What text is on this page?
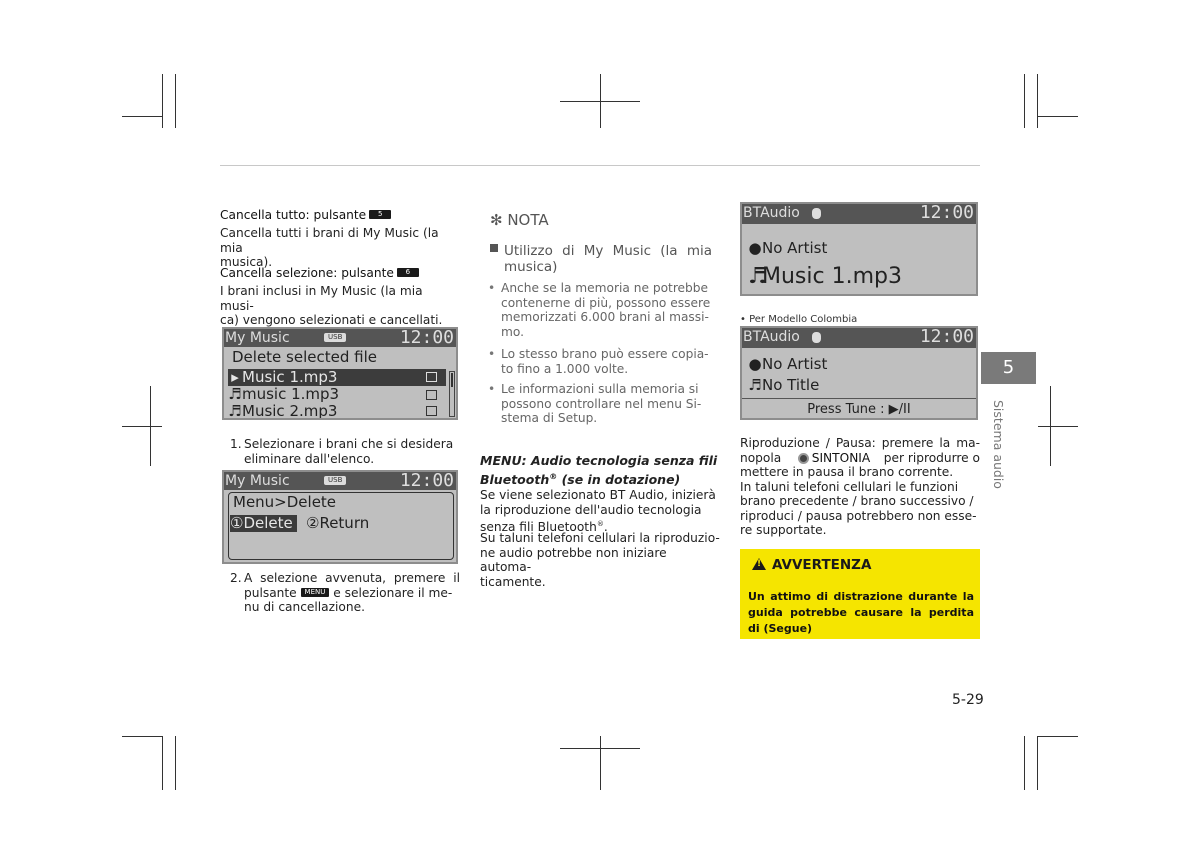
Cancella tutto: pulsante 5
Cancella tutti i brani di My Music (la mia
musica).
Cancella selezione: pulsante 6
I brani inclusi in My Music (la mia musi-
ca) vengono selezionati e cancellati.
My Music	USB	12:00
Delete selected file
▸ Music 1.mp3
♬music 1.mp3
♬Music 2.mp3
1. Selezionare i brani che si desidera
eliminare dall'elenco.
My Music	USB	12:00
Menu>Delete
①Delete ②Return
2. A selezione avvenuta, premere il
pulsante MENU e selezionare il me-
nu di cancellazione.
✻ NOTA
Utilizzo di My Music (la mia
musica)
• Anche se la memoria ne potrebbe
contenerne di più, possono essere
memorizzati 6.000 brani al massi-
mo.
• Lo stesso brano può essere copia-
to fino a 1.000 volte.
• Le informazioni sulla memoria si
possono controllare nel menu Si-
stema di Setup.
MENU: Audio tecnologia senza fili
Bluetooth® (se in dotazione)
Se viene selezionato BT Audio, inizierà
la riproduzione dell'audio tecnologia
senza fili Bluetooth®.
Su taluni telefoni cellulari la riproduzio-
ne audio potrebbe non iniziare automa-
ticamente.
BTAudio	12:00
●No Artist
♬Music 1.mp3
• Per Modello Colombia
BTAudio	12:00
●No Artist
♬No Title
Press Tune : ▶/II
Riproduzione / Pausa: premere la ma-
nopola	SINTONIA per riprodurre o
mettere in pausa il brano corrente.
In taluni telefoni cellulari le funzioni
brano precedente / brano successivo /
riproduci / pausa potrebbero non esse-
re supportate.
!AVVERTENZA
Un attimo di distrazione durante la guida potrebbe causare la perdita di (Segue)
5
Sistema audio
5-29
